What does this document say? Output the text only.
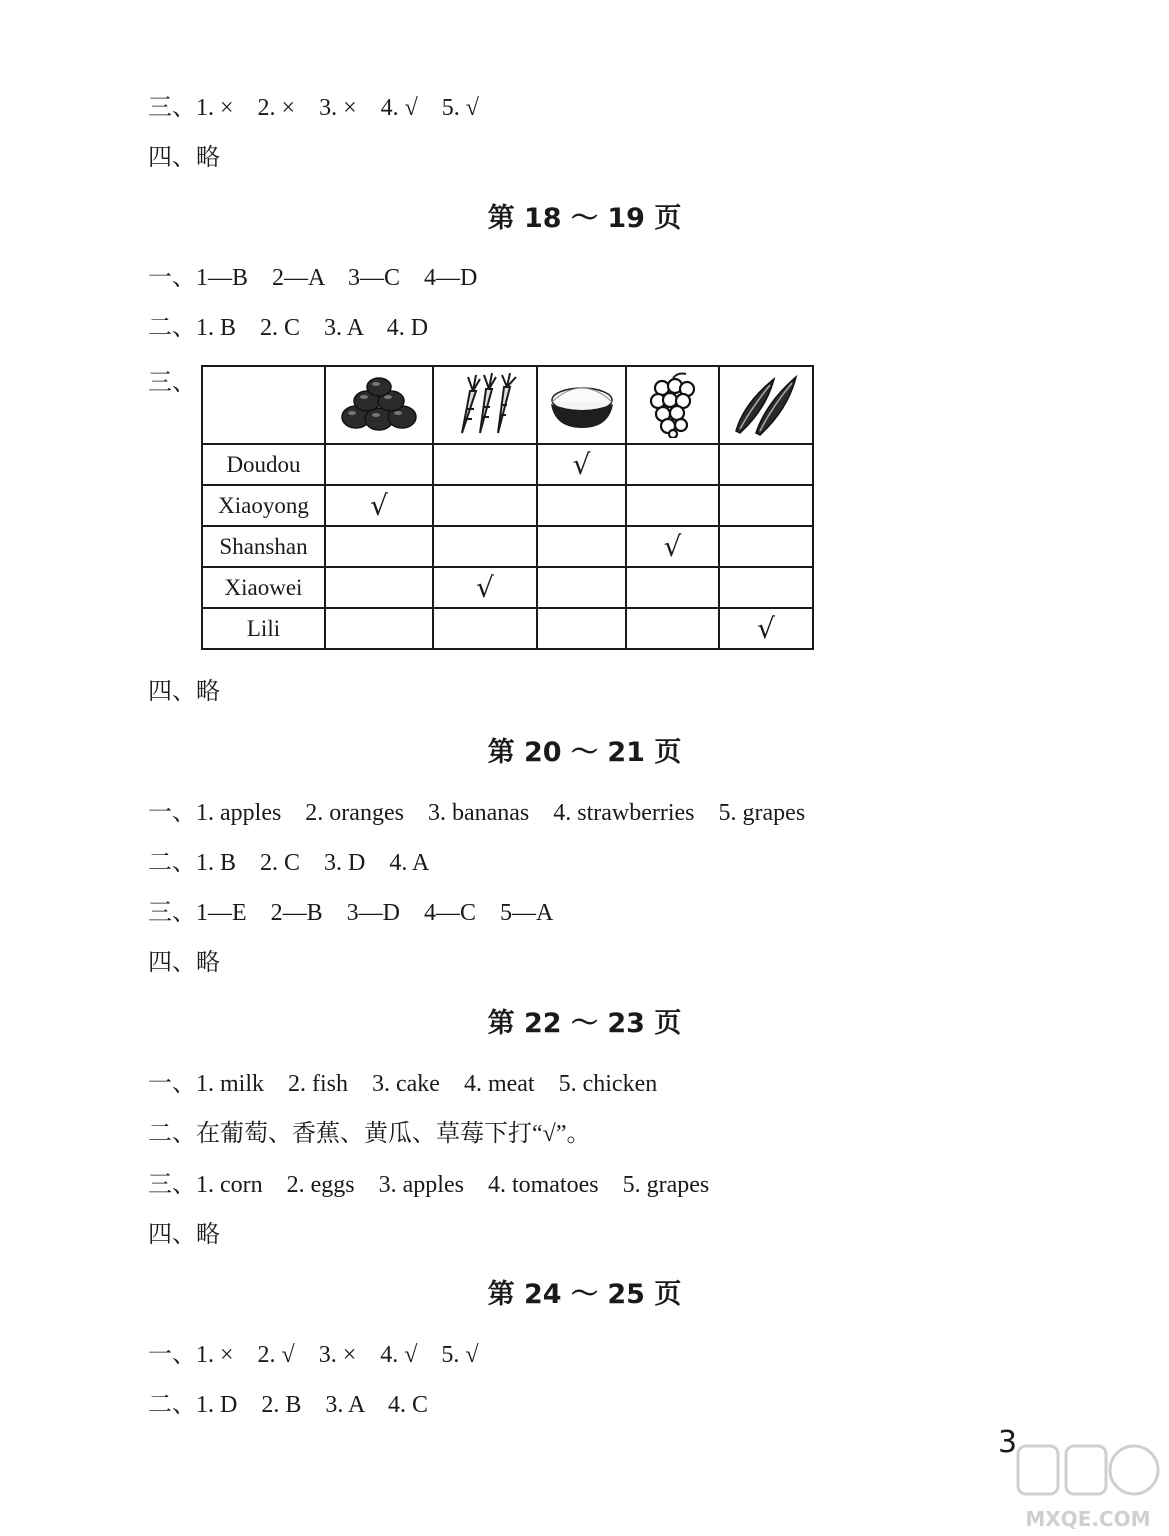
三、1. ×    2. ×    3. ×    4. √    5. √
四、略
第 18 ～ 19 页
一、1—B    2—A    3—C    4—D
二、1. B    2. C    3. A    4. D
三、

Doudou			√		
Xiaoyong	√				
Shanshan				√	
Xiaowei		√			
Lili					√
四、略
第 20 ～ 21 页
一、1. apples    2. oranges    3. bananas    4. strawberries    5. grapes
二、1. B    2. C    3. D    4. A
三、1—E    2—B    3—D    4—C    5—A
四、略
第 22 ～ 23 页
一、1. milk    2. fish    3. cake    4. meat    5. chicken
二、在葡萄、香蕉、黄瓜、草莓下打“√”。
三、1. corn    2. eggs    3. apples    4. tomatoes    5. grapes
四、略
第 24 ～ 25 页
一、1. ×    2. √    3. ×    4. √    5. √
二、1. D    2. B    3. A    4. C
3
MXQE.COM
